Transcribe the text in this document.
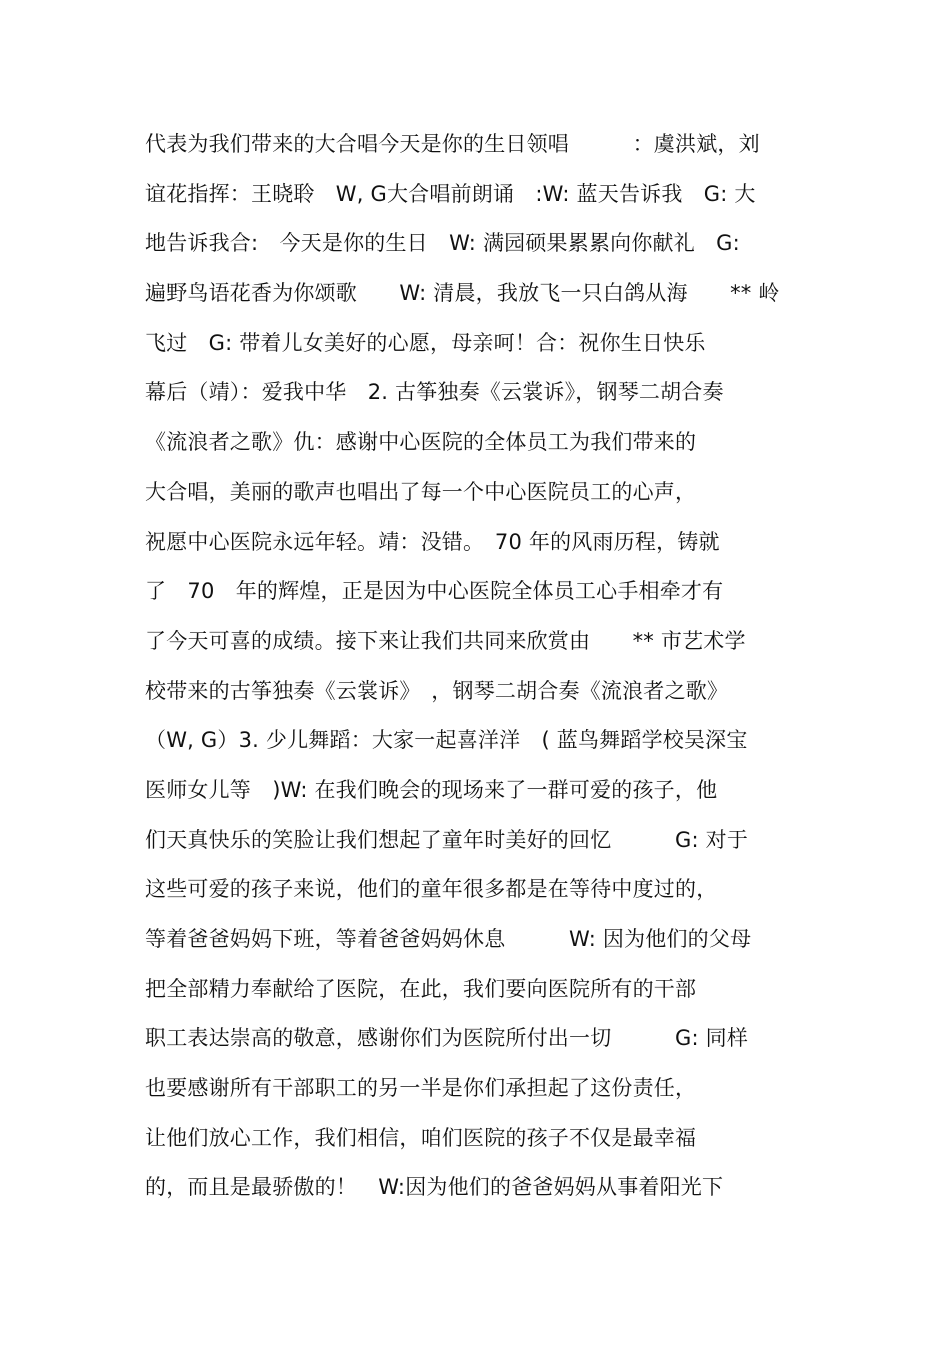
代表为我们带来的大合唱今天是你的生日领唱　　　：虞洪斌，刘
谊花指挥：王晓聆　W, G大合唱前朗诵　:W: 蓝天告诉我　G: 大
地告诉我合:　今天是你的生日　W: 满园硕果累累向你献礼　G:
遍野鸟语花香为你颂歌　　W: 清晨，我放飞一只白鸽从海　　** 岭
飞过　G: 带着儿女美好的心愿，母亲呵！合：祝你生日快乐
幕后（靖）：爱我中华　2. 古筝独奏《云裳诉》，钢琴二胡合奏
《流浪者之歌》仇：感谢中心医院的全体员工为我们带来的
大合唱，美丽的歌声也唱出了每一个中心医院员工的心声，
祝愿中心医院永远年轻。靖：没错。　70 年的风雨历程，铸就
了　70　年的辉煌，正是因为中心医院全体员工心手相牵才有
了今天可喜的成绩。接下来让我们共同来欣赏由　　** 市艺术学
校带来的古筝独奏《云裳诉》　，钢琴二胡合奏《流浪者之歌》
（W, G）3. 少儿舞蹈：大家一起喜洋洋　( 蓝鸟舞蹈学校吴深宝
医师女儿等　)W: 在我们晚会的现场来了一群可爱的孩子，他
们天真快乐的笑脸让我们想起了童年时美好的回忆　　　G: 对于
这些可爱的孩子来说，他们的童年很多都是在等待中度过的，
等着爸爸妈妈下班，等着爸爸妈妈休息　　　W: 因为他们的父母
把全部精力奉献给了医院，在此，我们要向医院所有的干部
职工表达崇高的敬意，感谢你们为医院所付出一切　　　G: 同样
也要感谢所有干部职工的另一半是你们承担起了这份责任，
让他们放心工作，我们相信，咱们医院的孩子不仅是最幸福
的，而且是最骄傲的！　W:因为他们的爸爸妈妈从事着阳光下
